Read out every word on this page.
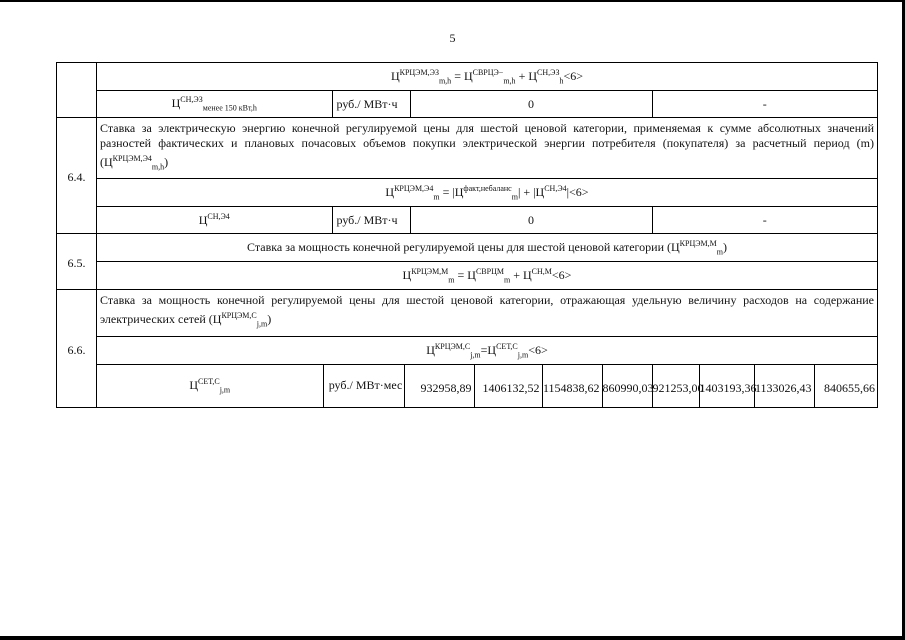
5
	$Ц^{КРЦЭМ,ЭЗ}_{m,h} = Ц^{СВРЦЭ-}_{m,h} + Ц^{СН,ЭЗ}_h<6>$

$Ц^{СН,ЭЗ}_{менее 150 кВт,h}$	руб./ МВт·ч	0	-

6.4.	Ставка за электрическую энергию конечной регулируемой цены для шестой ценовой категории, применяемая к сумме абсолютных значений разностей фактических и плановых почасовых объемов покупки электрической энергии потребителя (покупателя) за расчетный период (m) $(Ц^{КРЦЭМ,Э4}_{m,h})$
$Ц^{КРЦЭМ,Э4}_m = |Ц^{факт,небаланс}_m| + |Ц^{СН,Э4}|<6>$

$Ц^{СН,Э4}$	руб./ МВт·ч	0	-

6.5.	Ставка за мощность конечной регулируемой цены для шестой ценовой категории $(Ц^{КРЦЭМ,М}_m)$
$Ц^{КРЦЭМ,М}_m = Ц^{СВРЦМ}_m + Ц^{СН,М}<6>$
6.6.	Ставка за мощность конечной регулируемой цены для шестой ценовой категории, отражающая удельную величину расходов на содержание электрических сетей $(Ц^{КРЦЭМ,С}_{j,m})$
$Ц^{КРЦЭМ,С}_{j,m}=Ц^{СЕТ,С}_{j,m}<6>$

$Ц^{СЕТ,С}_{j,m}$	руб./ МВт·мес	932958,89	1406132,52	1154838,62	860990,03	921253,00	1403193,36	1133026,43	840655,66
